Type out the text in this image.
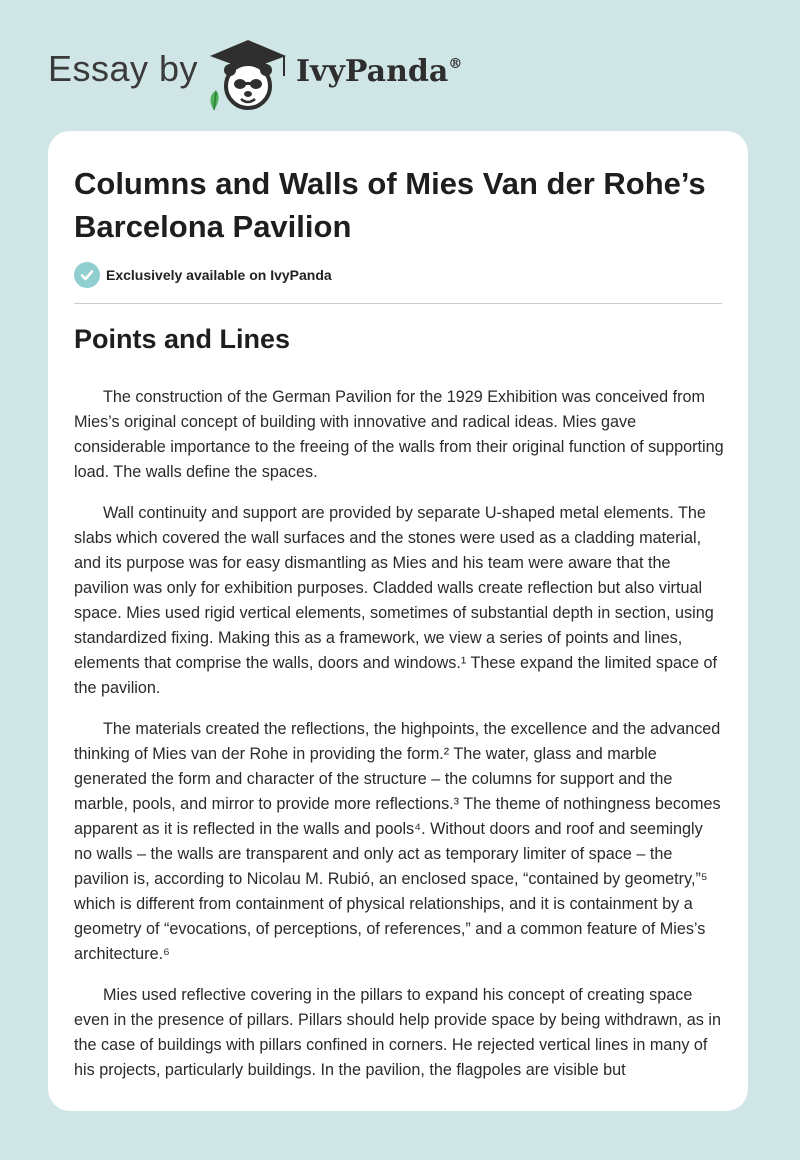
Essay by	IvyPanda®
Columns and Walls of Mies Van der Rohe’s Barcelona Pavilion
Exclusively available on IvyPanda
Points and Lines

The construction of the German Pavilion for the 1929 Exhibition was conceived from Mies’s original concept of building with innovative and radical ideas. Mies gave considerable importance to the freeing of the walls from their original function of supporting load. The walls define the spaces.

Wall continuity and support are provided by separate U-shaped metal elements. The slabs which covered the wall surfaces and the stones were used as a cladding material, and its purpose was for easy dismantling as Mies and his team were aware that the pavilion was only for exhibition purposes. Cladded walls create reflection but also virtual space. Mies used rigid vertical elements, sometimes of substantial depth in section, using standardized fixing. Making this as a framework, we view a series of points and lines, elements that comprise the walls, doors and windows.¹ These expand the limited space of the pavilion.

The materials created the reflections, the highpoints, the excellence and the advanced thinking of Mies van der Rohe in providing the form.² The water, glass and marble generated the form and character of the structure – the columns for support and the marble, pools, and mirror to provide more reflections.³ The theme of nothingness becomes apparent as it is reflected in the walls and pools⁴. Without doors and roof and seemingly no walls – the walls are transparent and only act as temporary limiter of space – the pavilion is, according to Nicolau M. Rubió, an enclosed space, “contained by geometry,”⁵ which is different from containment of physical relationships, and it is containment by a geometry of “evocations, of perceptions, of references,” and a common feature of Mies’s architecture.⁶

Mies used reflective covering in the pillars to expand his concept of creating space even in the presence of pillars. Pillars should help provide space by being withdrawn, as in the case of buildings with pillars confined in corners. He rejected vertical lines in many of his projects, particularly buildings. In the pavilion, the flagpoles are visible but
